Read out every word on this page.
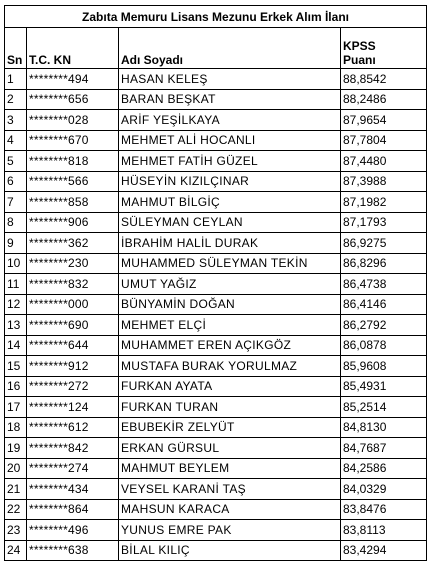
Zabıta Memuru Lisans Mezunu Erkek Alım İlanı			
Sn	T.C. KN	Adı Soyadı	KPSS
Puanı
1	********494	HASAN KELEŞ	88,8542
2	********656	BARAN BEŞKAT	88,2486
3	********028	ARİF YEŞİLKAYA	87,9654
4	********670	MEHMET ALİ HOCANLI	87,7804
5	********818	MEHMET FATİH GÜZEL	87,4480
6	********566	HÜSEYİN KIZILÇINAR	87,3988
7	********858	MAHMUT BİLGİÇ	87,1982
8	********906	SÜLEYMAN CEYLAN	87,1793
9	********362	İBRAHİM HALİL DURAK	86,9275
10	********230	MUHAMMED SÜLEYMAN TEKİN	86,8296
11	********832	UMUT YAĞIZ	86,4738
12	********000	BÜNYAMİN DOĞAN	86,4146
13	********690	MEHMET ELÇİ	86,2792
14	********644	MUHAMMET EREN AÇIKGÖZ	86,0878
15	********912	MUSTAFA BURAK YORULMAZ	85,9608
16	********272	FURKAN AYATA	85,4931
17	********124	FURKAN TURAN	85,2514
18	********612	EBUBEKİR ZELYÜT	84,8130
19	********842	ERKAN GÜRSUL	84,7687
20	********274	MAHMUT BEYLEM	84,2586
21	********434	VEYSEL KARANİ TAŞ	84,0329
22	********864	MAHSUN KARACA	83,8476
23	********496	YUNUS EMRE PAK	83,8113
24	********638	BİLAL KILIÇ	83,4294
